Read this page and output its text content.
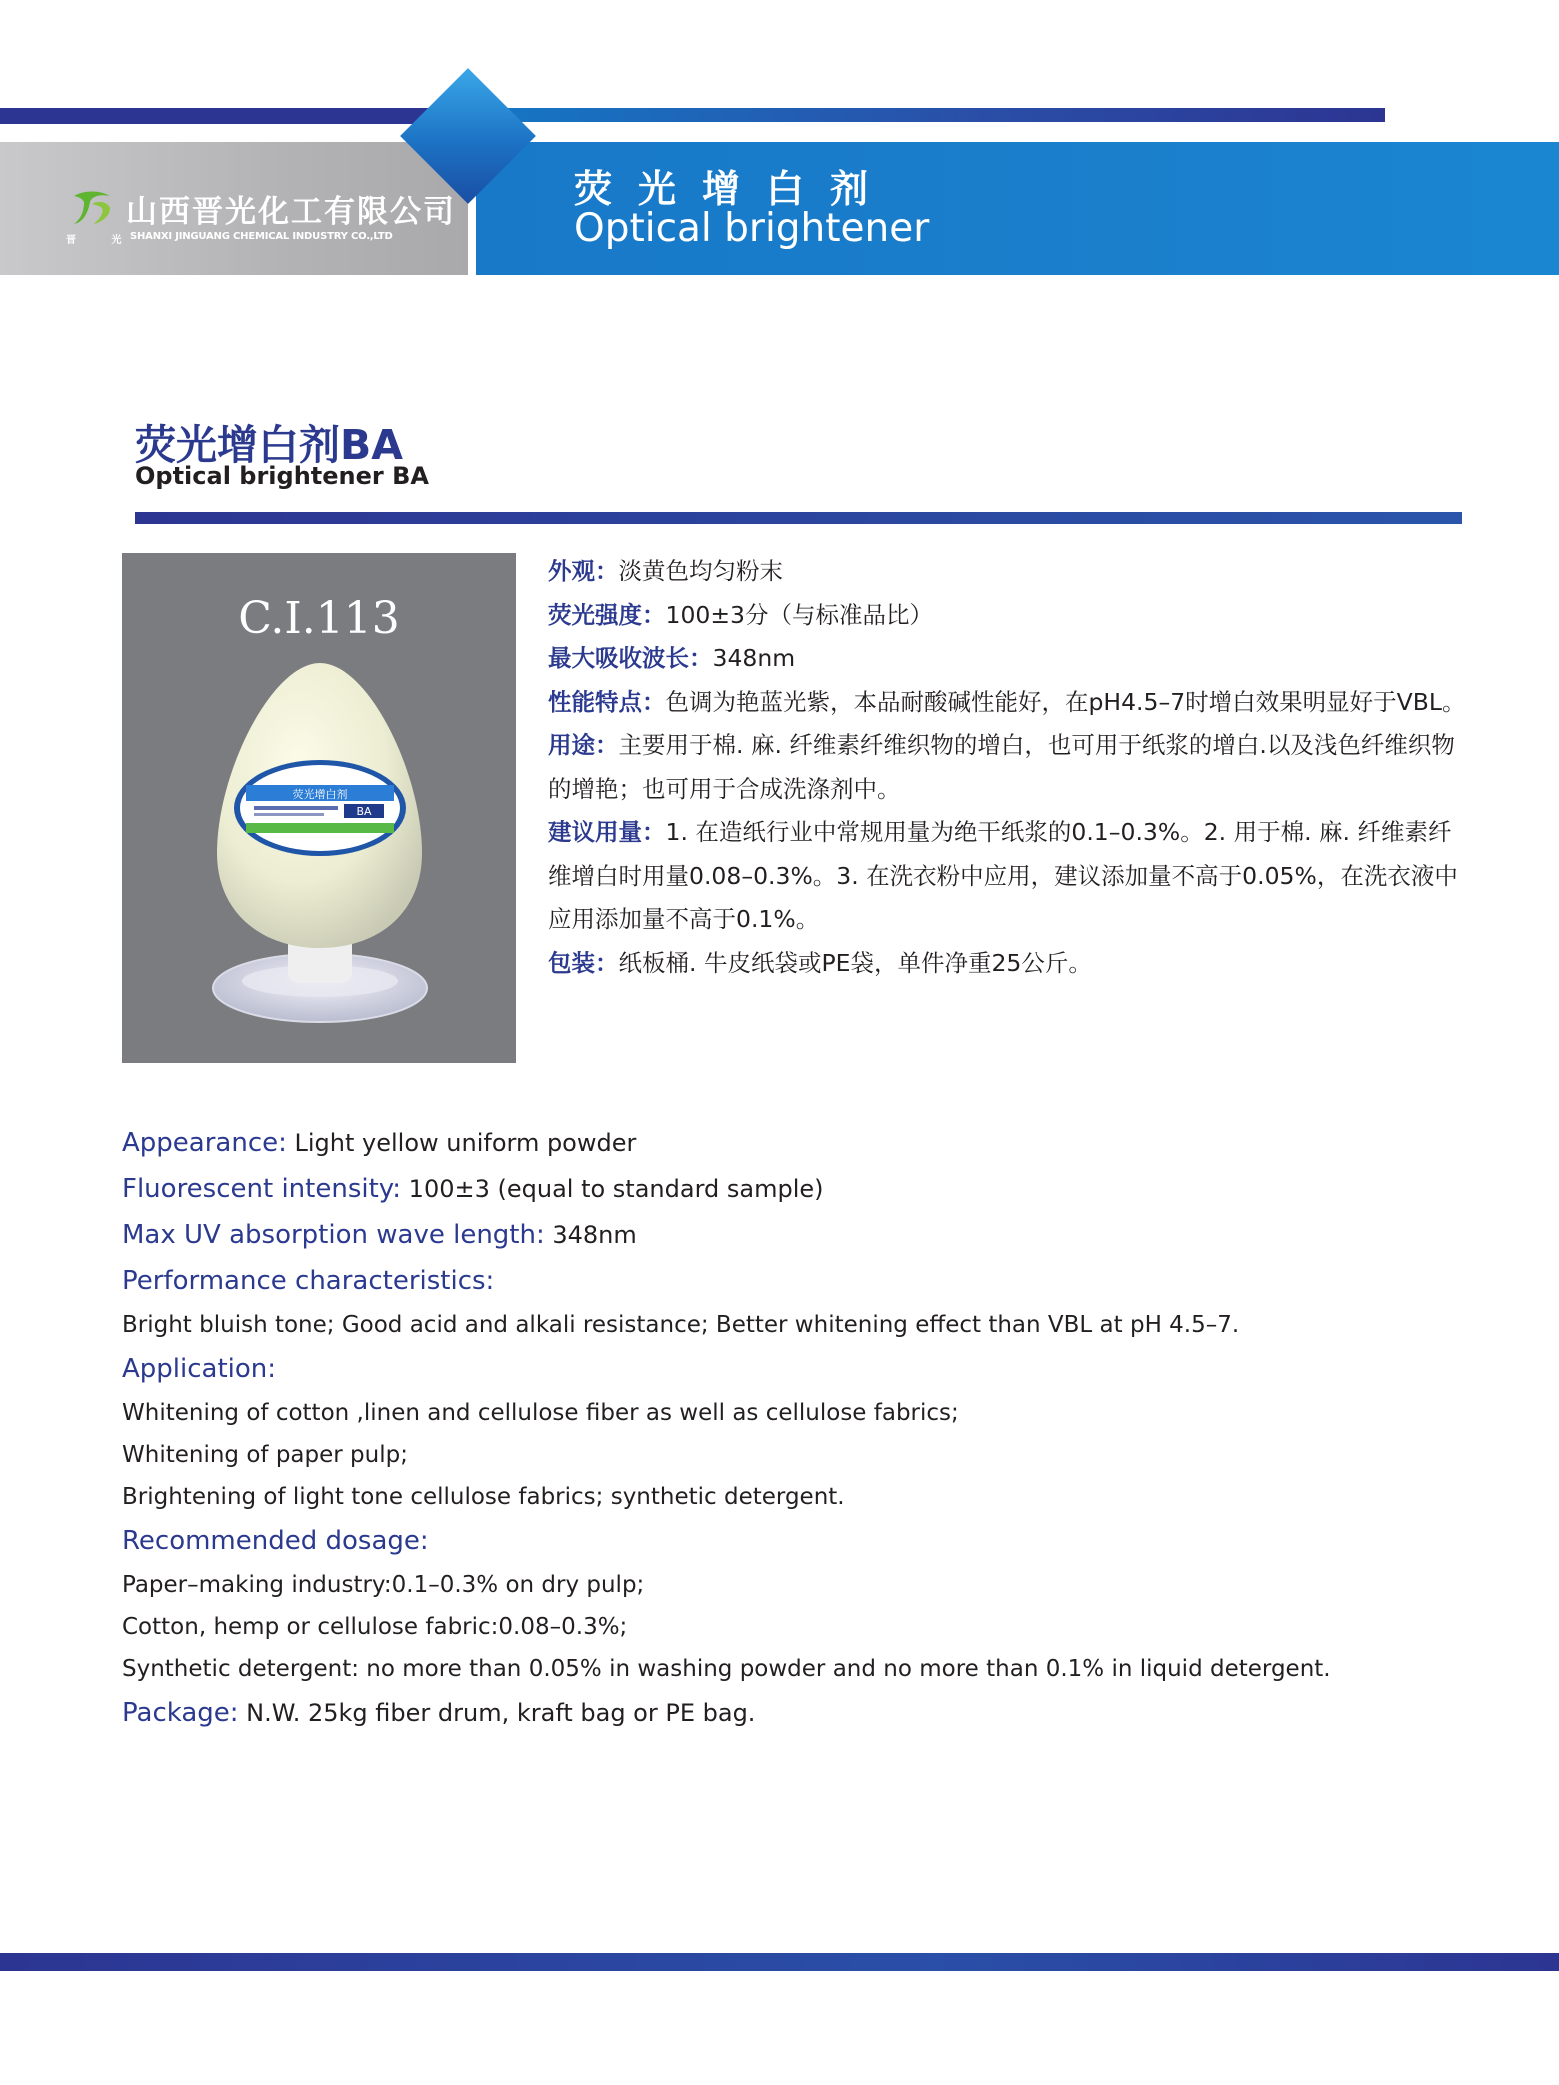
山西晋光化工有限公司
晋 光
SHANXI JINGUANG CHEMICAL INDUSTRY CO.,LTD
荧光增白剂
Optical brightener
荧光增白剂BA
Optical brightener BA
C.I.113
荧光增白剂
BA
外观：淡黄色均匀粉末
荧光强度：100±3分（与标准品比）
最大吸收波长：348nm
性能特点：色调为艳蓝光紫，本品耐酸碱性能好，在pH4.5–7时增白效果明显好于VBL。
用途：主要用于棉. 麻. 纤维素纤维织物的增白，也可用于纸浆的增白.以及浅色纤维织物的增艳；也可用于合成洗涤剂中。
建议用量：1. 在造纸行业中常规用量为绝干纸浆的0.1–0.3%。2. 用于棉. 麻. 纤维素纤维增白时用量0.08–0.3%。3. 在洗衣粉中应用，建议添加量不高于0.05%，在洗衣液中应用添加量不高于0.1%。
包装：纸板桶. 牛皮纸袋或PE袋，单件净重25公斤。
Appearance: Light yellow uniform powder
Fluorescent intensity: 100±3 (equal to standard sample)
Max UV absorption wave length: 348nm
Performance characteristics:
Bright bluish tone; Good acid and alkali resistance; Better whitening effect than VBL at pH 4.5–7.
Application:
Whitening of cotton ,linen and cellulose fiber as well as cellulose fabrics;
Whitening of paper pulp;
Brightening of light tone cellulose fabrics; synthetic detergent.
Recommended dosage:
Paper–making industry:0.1–0.3% on dry pulp;
Cotton, hemp or cellulose fabric:0.08–0.3%;
Synthetic detergent: no more than 0.05% in washing powder and no more than 0.1% in liquid detergent.
Package: N.W. 25kg fiber drum, kraft bag or PE bag.
